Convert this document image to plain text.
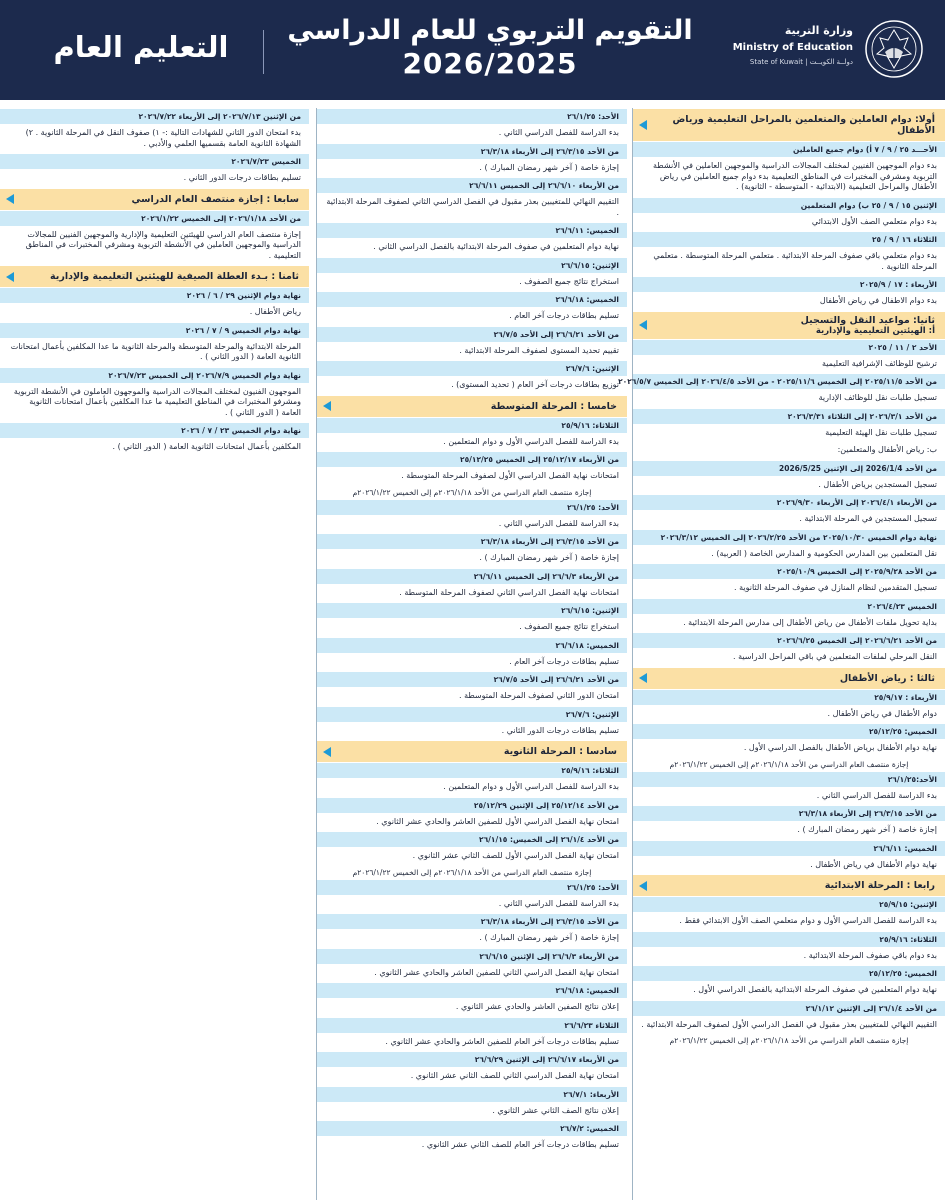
وزارة التربية
Ministry of Education
State of Kuwait | دولــة الكويــت
التقويم التربوي للعام الدراسي
2026/2025
التعليم العام
أولا: دوام العاملين والمتعلمين بالمراحل التعليمية ورياض الأطفال
الأحـــد ٢٥ / ٩ / ٧ أ) دوام جميع العاملين
بدء دوام الموجهين الفنيين لمختلف المجالات الدراسية والموجهين العاملين في الأنشطة التربوية ومشرفي المختبرات في المناطق التعليمية بدء دوام جميع العاملين في رياض الأطفال والمراحل التعليمية (الابتدائية - المتوسطة - الثانوية) .
الإثنين ١٥ / ٩ / ٢٥ ب) دوام المتعلمين
بدء دوام متعلمي الصف الأول الابتدائي
الثلاثاء ١٦ / ٩ / ٢٥
بدء دوام متعلمي باقي صفوف المرحلة الابتدائية . متعلمي المرحلة المتوسطة . متعلمي المرحلة الثانوية .
الأربعاء : ١٧ / ٢٠٢٥/٩
بدء دوام الاطفال في رياض الأطفال
ثانيا: مواعيد النقل والتسجيل
أ: الهيئتين التعليمية والإدارية
الأحد ٢ / ١١ / ٢٠٢٥
ترشيح للوظائف الإشرافية التعليمية
من الأحد ٢٠٢٥/١١/٥ إلى الخميس ٢٠٢٥/١١/٦ - من الأحد ٢٠٢٦/٤/٥ إلى الخميس ٢٠٢٦/٥/٧
تسجيل طلبات نقل للوظائف الإدارية
من الأحد ٢٠٢٦/٣/١ إلى الثلاثاء ٢٠٢٦/٣/٣١
تسجيل طلبات نقل الهيئة التعليمية
ب: رياض الأطفال والمتعلمين:
من الأحد 2026/1/4 إلى الإثنين 2026/5/25
تسجيل المستجدين برياض الأطفال .
من الأربعاء ٢٠٢٦/٤/١ إلى الأربعاء ٢٠٢٦/٩/٣٠
تسجيل المستجدين في المرحلة الابتدائية .
نهاية دوام الخميس ٢٠٢٥/١٠/٣٠ من الأحد ٢٠٢٦/٢/٢٥ إلى الخميس ٢٠٢٦/٣/١٢
نقل المتعلمين بين المدارس الحكومية و المدارس الخاصة ( العربية) .
من الأحد ٢٠٢٥/٩/٢٨ إلى الخميس ٢٠٢٥/١٠/٩
تسجيل المتقدمين لنظام المنازل في صفوف المرحلة الثانوية .
الخميس ٢٠٢٦/٤/٢٣
بداية تحويل ملفات الأطفال من رياض الأطفال إلى مدارس المرحلة الابتدائية .
من الأحد ٢٠٢٦/٦/٢١ إلى الخميس ٢٠٢٦/٦/٢٥
النقل المرحلي لملفات المتعلمين في باقي المراحل الدراسية .
ثالثا : رياض الأطفال
الأربعاء : ٢٥/٩/١٧
دوام الأطفال في رياض الأطفال .
الخميس: ٢٥/١٢/٢٥
نهاية دوام الأطفال برياض الأطفال بالفصل الدراسي الأول .
إجازة منتصف العام الدراسي من الأحد ٢٠٢٦/١/١٨م إلى الخميس ٢٠٢٦/١/٢٢م
الأحد:٢٦/١/٢٥
بدء الدراسة للفصل الدراسي الثاني .
من الأحد ٢٦/٣/١٥ إلى الأربعاء ٢٦/٣/١٨
إجازة خاصة ( آخر شهر رمضان المبارك ) .
الخميس: ٢٦/٦/١١
نهاية دوام الأطفال في رياض الأطفال .
رابعا : المرحلة الابتدائية
الإثنين: ٢٥/٩/١٥
بدء الدراسة للفصل الدراسي الأول و دوام متعلمي الصف الأول الابتدائي فقط .
الثلاثاء: ٢٥/٩/١٦
بدء دوام باقي صفوف المرحلة الابتدائية .
الخميس: ٢٥/١٢/٢٥
نهاية دوام المتعلمين في صفوف المرحلة الابتدائية بالفصل الدراسي الأول .
من الأحد ٢٦/١/٤ إلى الإثنين ٢٦/١/١٢
التقييم النهائي للمتغيبين بعذر مقبول في الفصل الدراسي الأول لصفوف المرحلة الابتدائية .
إجازة منتصف العام الدراسي من الأحد ٢٠٢٦/١/١٨م إلى الخميس ٢٠٢٦/١/٢٢م
الأحد: ٢٦/١/٢٥
بدء الدراسة للفصل الدراسي الثاني .
من الأحد ٢٦/٣/١٥ إلى الأربعاء ٢٦/٣/١٨
إجازة خاصة ( آخر شهر رمضان المبارك ) .
من الأربعاء ٢٦/٦/١٠ إلى الخميس ٢٦/٦/١١
التقييم النهائي للمتغيبين بعذر مقبول في الفصل الدراسي الثاني لصفوف المرحلة الابتدائية .
الخميس: ٢٦/٦/١١
نهاية دوام المتعلمين في صفوف المرحلة الابتدائية بالفصل الدراسي الثاني .
الإثنين: ٢٦/٦/١٥
استخراج نتائج جميع الصفوف .
الخميس: ٢٦/٦/١٨
تسليم بطاقات درجات آخر العام .
من الأحد ٢٦/٦/٢١ إلى الأحد ٢٦/٧/٥
تقييم تحديد المستوى لصفوف المرحلة الابتدائية .
الإثنين: ٢٦/٧/٦
توزيع بطاقات درجات آخر العام ( تحديد المستوى) .
خامسا : المرحلة المتوسطة
الثلاثاء: ٢٥/٩/١٦
بدء الدراسة للفصل الدراسي الأول و دوام المتعلمين .
من الأربعاء ٢٥/١٢/١٧ إلى الخميس ٢٥/١٢/٢٥
امتحانات نهاية الفصل الدراسي الأول لصفوف المرحلة المتوسطة .
إجازة منتصف العام الدراسي من الأحد ٢٠٢٦/١/١٨م إلى الخميس ٢٠٢٦/١/٢٢م
الأحد: ٢٦/١/٢٥
بدء الدراسة للفصل الدراسي الثاني .
من الأحد ٢٦/٣/١٥ إلى الأربعاء ٢٦/٣/١٨
إجازة خاصة ( آخر شهر رمضان المبارك ) .
من الأربعاء ٢٦/٦/٣ إلى الخميس ٢٦/٦/١١
امتحانات نهاية الفصل الدراسي الثاني لصفوف المرحلة المتوسطة .
الإثنين: ٢٦/٦/١٥
استخراج نتائج جميع الصفوف .
الخميس: ٢٦/٦/١٨
تسليم بطاقات درجات آخر العام .
من الأحد ٢٦/٦/٢١ إلى الأحد ٢٦/٧/٥
امتحان الدور الثاني لصفوف المرحلة المتوسطة .
الإثنين: ٢٦/٧/٦
تسليم بطاقات درجات الدور الثاني .
سادسا : المرحلة الثانوية
الثلاثاء: ٢٥/٩/١٦
بدء الدراسة للفصل الدراسي الأول و دوام المتعلمين .
من الأحد ٢٥/١٢/١٤ إلى الإثنين ٢٥/١٢/٢٩
امتحان نهاية الفصل الدراسي الأول للصفين العاشر والحادي عشر الثانوي .
من الأحد ٢٦/١/٤ إلى الخميس: ٢٦/١/١٥
امتحان نهاية الفصل الدراسي الأول للصف الثاني عشر الثانوي .
إجازة منتصف العام الدراسي من الأحد ٢٠٢٦/١/١٨م إلى الخميس ٢٠٢٦/١/٢٢م
الأحد: ٢٦/١/٢٥
بدء الدراسة للفصل الدراسي الثاني .
من الأحد ٢٦/٣/١٥ إلى الأربعاء ٢٦/٣/١٨
إجازة خاصة ( آخر شهر رمضان المبارك ) .
من الأربعاء ٢٦/٦/٣ إلى الإثنين ٢٦/٦/١٥
امتحان نهاية الفصل الدراسي الثاني للصفين العاشر والحادي عشر الثانوي .
الخميس: ٢٦/٦/١٨
إعلان نتائج الصفين العاشر والحادي عشر الثانوي .
الثلاثاء ٢٦/٦/٢٣
تسليم بطاقات درجات آخر العام للصفين العاشر والحادي عشر الثانوي .
من الأربعاء ٢٦/٦/١٧ إلى الإثنين ٢٦/٦/٢٩
امتحان نهاية الفصل الدراسي الثاني للصف الثاني عشر الثانوي .
الأربعاء: ٢٦/٧/١
إعلان نتائج الصف الثاني عشر الثانوي .
الخميس: ٢٦/٧/٢
تسليم بطاقات درجات آخر العام للصف الثاني عشر الثانوي .
من الإثنين ٢٠٢٦/٧/١٣ إلى الأربعاء ٢٠٢٦/٧/٢٢
بدء امتحان الدور الثاني للشهادات التالية :- ١) صفوف النقل في المرحلة الثانوية . ٢) الشهادة الثانوية العامة بقسميها العلمي والأدبي .
الخميس ٢٠٢٦/٧/٢٣
تسليم بطاقات درجات الدور الثاني .
سابعا : إجازة منتصف العام الدراسي
من الأحد ٢٠٢٦/١/١٨ إلى الخميس ٢٠٢٦/١/٢٢
إجازة منتصف العام الدراسي للهيئتين التعليمية والإدارية والموجهين الفنيين للمجالات الدراسية والموجهين العاملين في الأنشطة التربوية ومشرفي المختبرات في المناطق التعليمية .
ثامنا : بـدء العطلة الصيفية للهيئتين التعليمية والإدارية
نهاية دوام الإثنين ٢٩ / ٦ / ٢٠٢٦
رياض الأطفال .
نهاية دوام الخميس ٩ / ٧ / ٢٠٢٦
المرحلة الابتدائية والمرحلة المتوسطة والمرحلة الثانوية ما عدا المكلفين بأعمال امتحانات الثانوية العامة ( الدور الثاني ) .
نهاية دوام الخميس ٢٠٢٦/٧/٩ إلى الخميس ٢٠٢٦/٧/٢٣
الموجهون الفنيون لمختلف المجالات الدراسية والموجهون العاملون في الأنشطة التربوية ومشرفو المختبرات في المناطق التعليمية ما عدا المكلفين بأعمال امتحانات الثانوية العامة ( الدور الثاني ) .
نهاية دوام الخميس ٢٣ / ٧ / ٢٠٢٦
المكلفين بأعمال امتحانات الثانوية العامة ( الدور الثاني ) .
